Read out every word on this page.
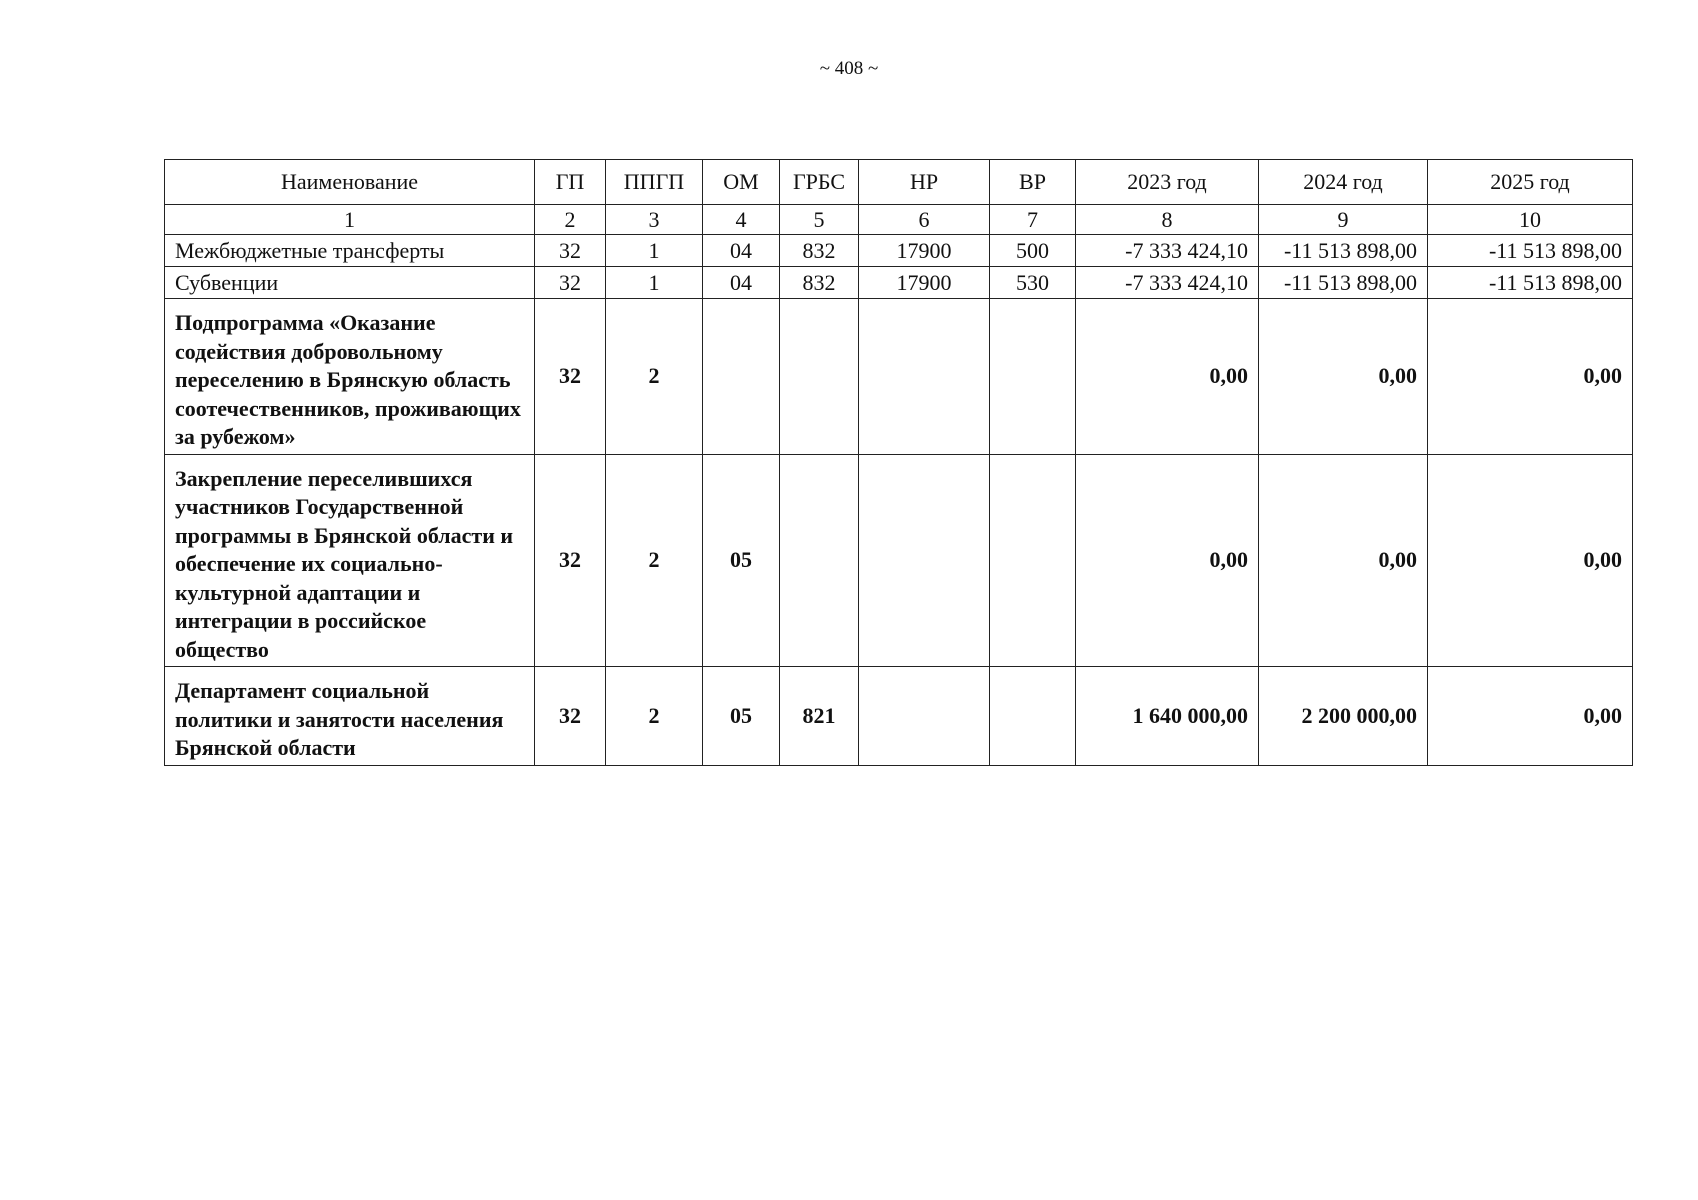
~ 408 ~
Наименование	ГП	ППГП	ОМ	ГРБС	НР	ВР	2023 год	2024 год	2025 год
1	2	3	4	5	6	7	8	9	10
Межбюджетные трансферты	32	1	04	832	17900	500	-7 333 424,10	-11 513 898,00	-11 513 898,00
Субвенции	32	1	04	832	17900	530	-7 333 424,10	-11 513 898,00	-11 513 898,00
Подпрограмма «Оказание содействия добровольному переселению в Брянскую область соотечественников, проживающих за рубежом»	32	2					0,00	0,00	0,00
Закрепление переселившихся участников Государственной программы в Брянской области и обеспечение их социально-культурной адаптации и интеграции в российское общество	32	2	05				0,00	0,00	0,00
Департамент социальной политики и занятости населения Брянской области	32	2	05	821			1 640 000,00	2 200 000,00	0,00
